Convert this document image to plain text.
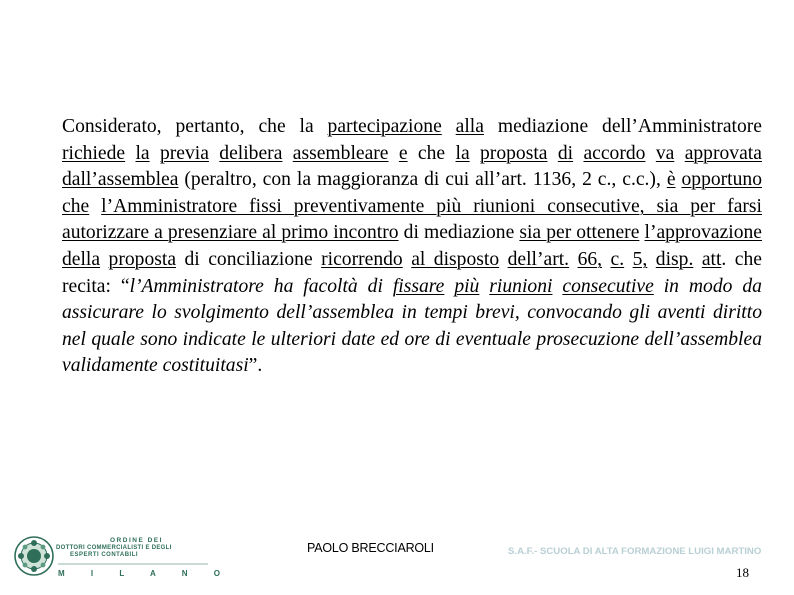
Considerato, pertanto, che la partecipazione alla mediazione dell’Amministratore richiede la previa delibera assembleare e che la proposta di accordo va approvata dall’assemblea (peraltro, con la maggioranza di cui all’art. 1136, 2 c., c.c.), è opportuno che l’Amministratore fissi preventivamente più riunioni consecutive, sia per farsi autorizzare a presenziare al primo incontro di mediazione sia per ottenere l’approvazione della proposta di conciliazione ricorrendo al disposto dell’art. 66, c. 5, disp. att. che recita: “l’Amministratore ha facoltà di fissare più riunioni consecutive in modo da assicurare lo svolgimento dell’assemblea in tempi brevi, convocando gli aventi diritto nel quale sono indicate le ulteriori date ed ore di eventuale prosecuzione dell’assemblea validamente costituitasi”.

ORDINE DEI
DOTTORI COMMERCIALISTI E DEGLI
ESPERTI CONTABILI
M I L A N O
PAOLO BRECCIAROLI	S.A.F.- SCUOLA DI ALTA FORMAZIONE LUIGI MARTINO
18
